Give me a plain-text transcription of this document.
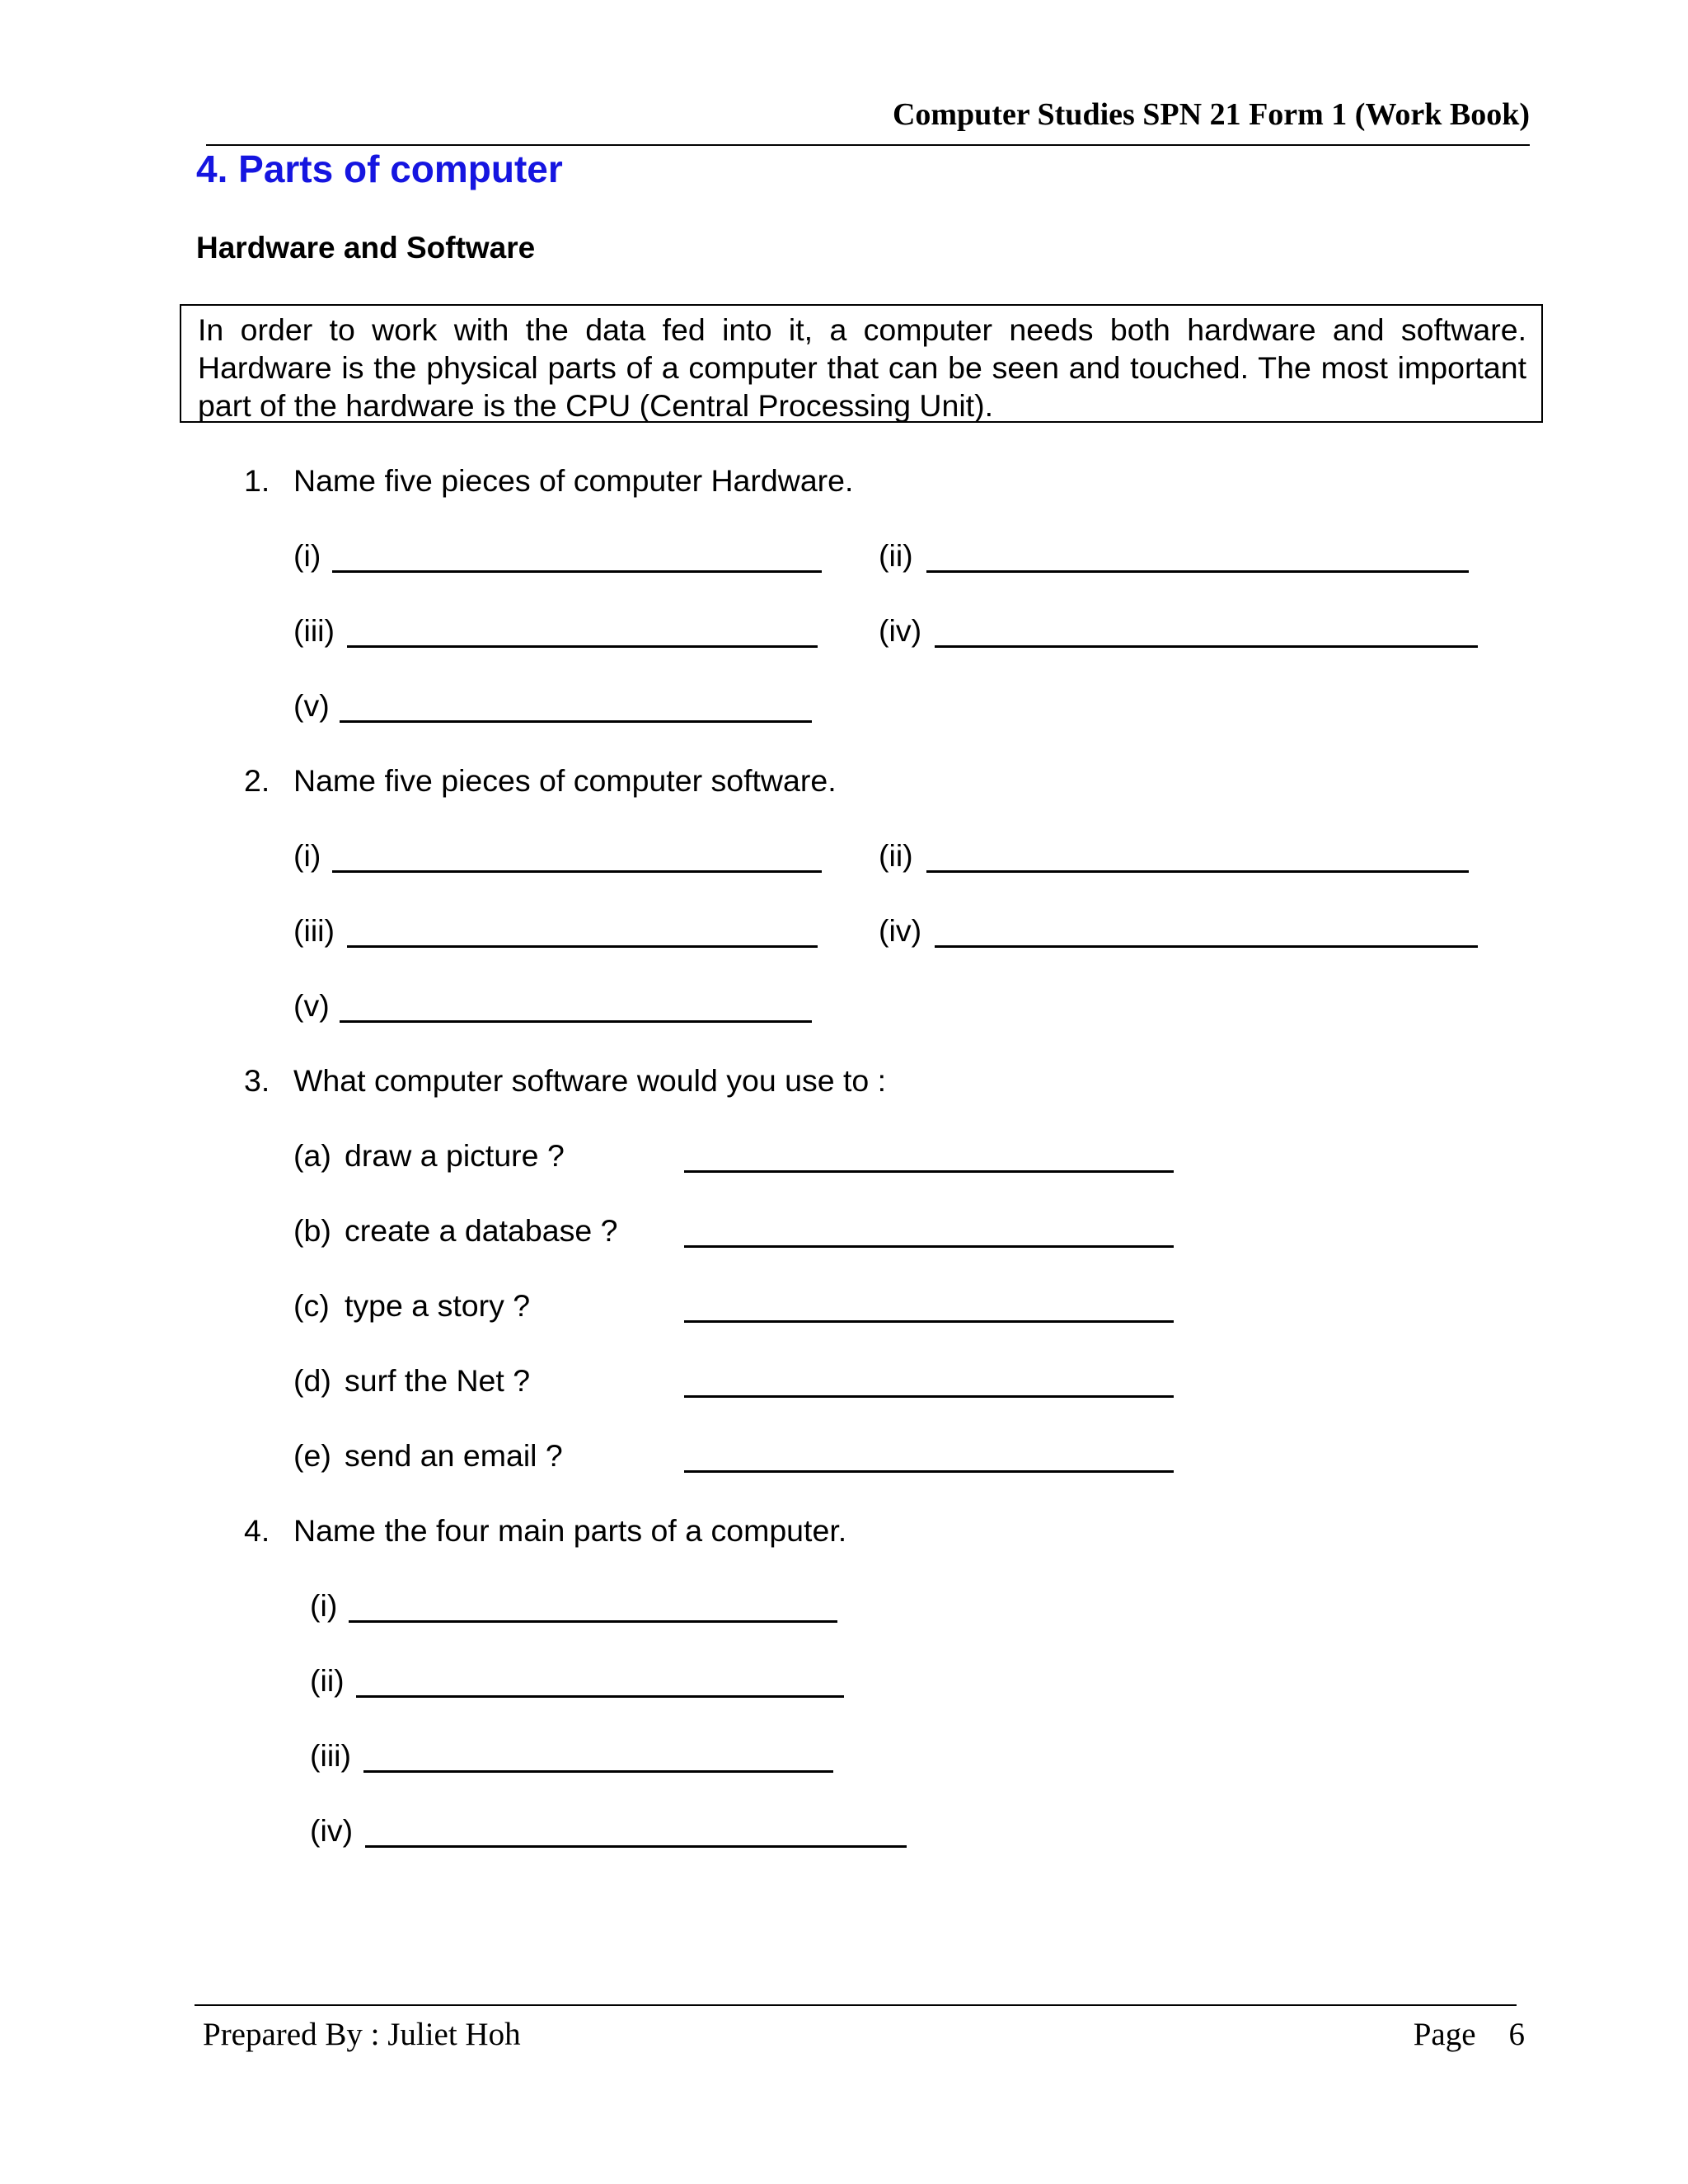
Computer Studies SPN 21 Form 1 (Work Book)
4. Parts of computer
Hardware and Software
In order to work with the data fed into it, a computer needs both hardware and software. Hardware is the physical parts of a computer that can be seen and touched. The most important part of the hardware is the CPU (Central Processing Unit).
1. Name five pieces of computer Hardware.
(i)	(ii)
(iii)	(iv)
(v)
2. Name five pieces of computer software.
(i)	(ii)
(iii)	(iv)
(v)
3. What computer software would you use to :
(a) draw a picture ?
(b) create a database ?
(c) type a story ?
(d) surf the Net ?
(e) send an email ?
4. Name the four main parts of a computer.
(i)
(ii)
(iii)
(iv)
Prepared By : Juliet Hoh	Page 6
